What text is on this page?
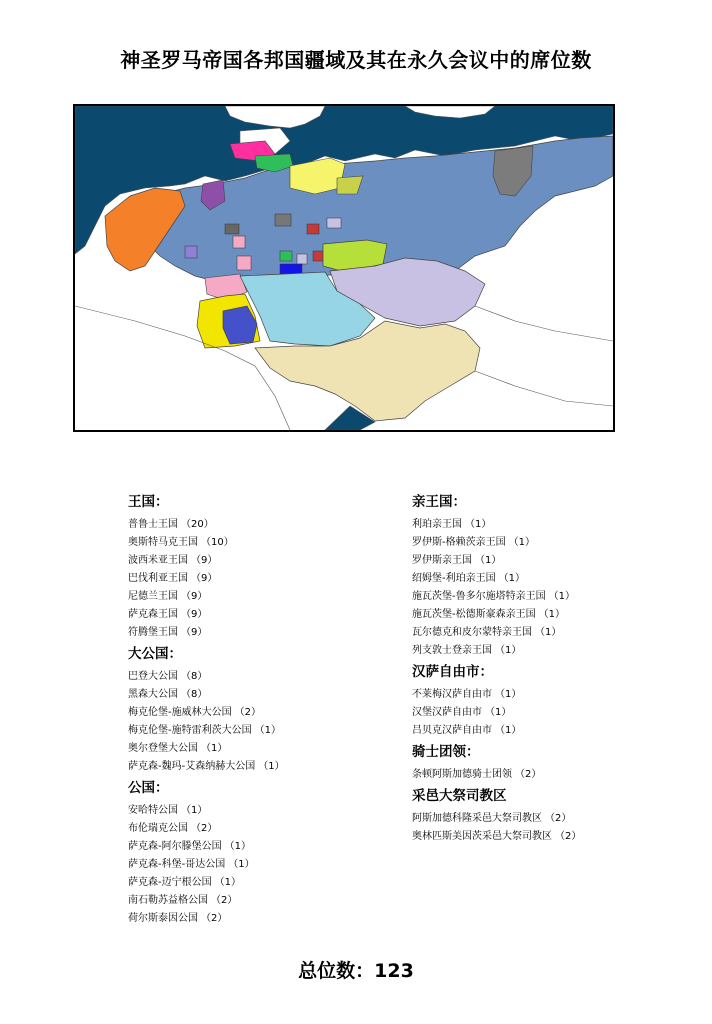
神圣罗马帝国各邦国疆域及其在永久会议中的席位数
王国：
普鲁士王国 （20）
奥斯特马克王国 （10）
波西米亚王国 （9）
巴伐利亚王国 （9）
尼德兰王国 （9）
萨克森王国 （9）
符腾堡王国 （9）
大公国：
巴登大公国 （8）
黑森大公国 （8）
梅克伦堡-施威林大公国 （2）
梅克伦堡-施特雷利茨大公国 （1）
奥尔登堡大公国 （1）
萨克森-魏玛-艾森纳赫大公国 （1）
公国：
安哈特公国 （1）
布伦瑞克公国 （2）
萨克森-阿尔滕堡公国 （1）
萨克森-科堡-哥达公国 （1）
萨克森-迈宁根公国 （1）
南石勒苏益格公国 （2）
荷尔斯泰因公国 （2）
亲王国：
利珀亲王国 （1）
罗伊斯-格赖茨亲王国 （1）
罗伊斯亲王国 （1）
绍姆堡-利珀亲王国 （1）
施瓦茨堡-鲁多尔施塔特亲王国 （1）
施瓦茨堡-松德斯豪森亲王国 （1）
瓦尔德克和皮尔蒙特亲王国 （1）
列支敦士登亲王国 （1）
汉萨自由市：
不莱梅汉萨自由市 （1）
汉堡汉萨自由市 （1）
吕贝克汉萨自由市 （1）
骑士团领：
条顿阿斯加德骑士团领 （2）
采邑大祭司教区
阿斯加德科隆采邑大祭司教区 （2）
奥林匹斯美因茨采邑大祭司教区 （2）
总位数：123
